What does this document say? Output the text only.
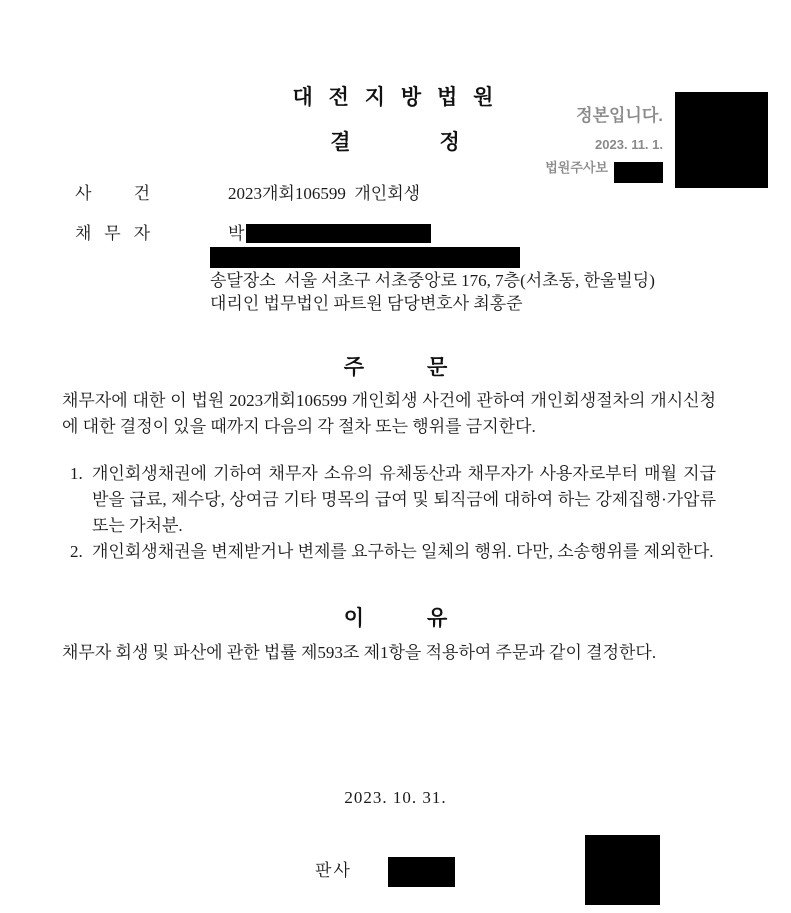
대 전 지 방 법 원
결　　　　정
정본입니다.
2023. 11. 1.
법원주사보
사 건	2023개회106599  개인회생
채 무 자	박
송달장소  서울 서초구 서초중앙로 176, 7층(서초동, 한울빌딩)
대리인 법무법인 파트원 담당변호사 최홍준
주　　　문
채무자에 대한 이 법원 2023개회106599 개인회생 사건에 관하여 개인회생절차의 개시신청에 대한 결정이 있을 때까지 다음의 각 절차 또는 행위를 금지한다.
1. 개인회생채권에 기하여 채무자 소유의 유체동산과 채무자가 사용자로부터 매월 지급받을 급료, 제수당, 상여금 기타 명목의 급여 및 퇴직금에 대하여 하는 강제집행·가압류 또는 가처분.
2. 개인회생채권을 변제받거나 변제를 요구하는 일체의 행위. 다만, 소송행위를 제외한다.
이　　　유
채무자 회생 및 파산에 관한 법률 제593조 제1항을 적용하여 주문과 같이 결정한다.
2023. 10. 31.
판사
